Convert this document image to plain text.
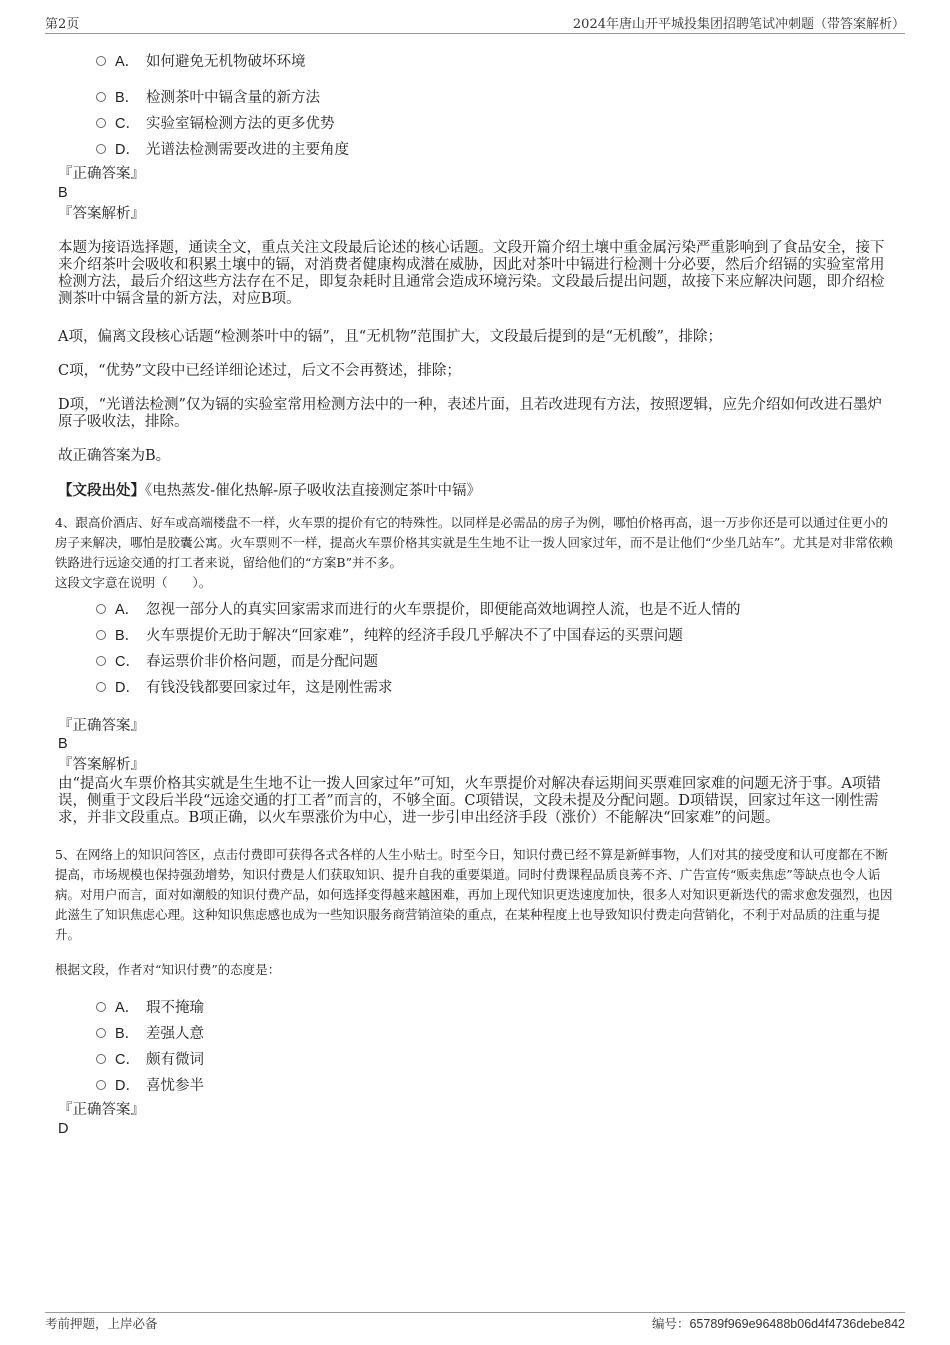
第2页	2024年唐山开平城投集团招聘笔试冲刺题（带答案解析）
A． 如何避免无机物破坏环境
B． 检测茶叶中镉含量的新方法
C． 实验室镉检测方法的更多优势
D． 光谱法检测需要改进的主要角度
『正确答案』
B
『答案解析』
本题为接语选择题，通读全文，重点关注文段最后论述的核心话题。文段开篇介绍土壤中重金属污染严重影响到了食品安全，接下来介绍茶叶会吸收和积累土壤中的镉，对消费者健康构成潜在威胁，因此对茶叶中镉进行检测十分必要，然后介绍镉的实验室常用检测方法，最后介绍这些方法存在不足，即复杂耗时且通常会造成环境污染。文段最后提出问题，故接下来应解决问题，即介绍检测茶叶中镉含量的新方法，对应B项。
A项，偏离文段核心话题“检测茶叶中的镉”，且“无机物”范围扩大，文段最后提到的是“无机酸”，排除；
C项，“优势”文段中已经详细论述过，后文不会再赘述，排除；
D项，“光谱法检测”仅为镉的实验室常用检测方法中的一种，表述片面，且若改进现有方法，按照逻辑，应先介绍如何改进石墨炉原子吸收法，排除。
故正确答案为B。
【文段出处】《电热蒸发-催化热解-原子吸收法直接测定茶叶中镉》
4、跟高价酒店、好车或高端楼盘不一样，火车票的提价有它的特殊性。以同样是必需品的房子为例，哪怕价格再高，退一万步你还是可以通过住更小的房子来解决，哪怕是胶囊公寓。火车票则不一样，提高火车票价格其实就是生生地不让一拨人回家过年，而不是让他们“少坐几站车”。尤其是对非常依赖铁路进行远途交通的打工者来说，留给他们的“方案B”并不多。
这段文字意在说明（　　）。
A． 忽视一部分人的真实回家需求而进行的火车票提价，即便能高效地调控人流，也是不近人情的
B． 火车票提价无助于解决“回家难”，纯粹的经济手段几乎解决不了中国春运的买票问题
C． 春运票价非价格问题，而是分配问题
D． 有钱没钱都要回家过年，这是刚性需求
『正确答案』
B
『答案解析』
由“提高火车票价格其实就是生生地不让一拨人回家过年”可知，火车票提价对解决春运期间买票难回家难的问题无济于事。A项错误，侧重于文段后半段“远途交通的打工者”而言的，不够全面。C项错误，文段未提及分配问题。D项错误，回家过年这一刚性需求，并非文段重点。B项正确，以火车票涨价为中心，进一步引申出经济手段（涨价）不能解决“回家难”的问题。
5、在网络上的知识问答区，点击付费即可获得各式各样的人生小贴士。时至今日，知识付费已经不算是新鲜事物，人们对其的接受度和认可度都在不断提高，市场规模也保持强劲增势，知识付费是人们获取知识、提升自我的重要渠道。同时付费课程品质良莠不齐、广告宣传“贩卖焦虑”等缺点也令人诟病。对用户而言，面对如潮般的知识付费产品，如何选择变得越来越困难，再加上现代知识更迭速度加快，很多人对知识更新迭代的需求愈发强烈，也因此滋生了知识焦虑心理。这种知识焦虑感也成为一些知识服务商营销渲染的重点，在某种程度上也导致知识付费走向营销化，不利于对品质的注重与提升。
根据文段，作者对“知识付费”的态度是：
A． 瑕不掩瑜
B． 差强人意
C． 颇有微词
D． 喜忧参半
『正确答案』
D
考前押题，上岸必备	编号：65789f969e96488b06d4f4736debe842
